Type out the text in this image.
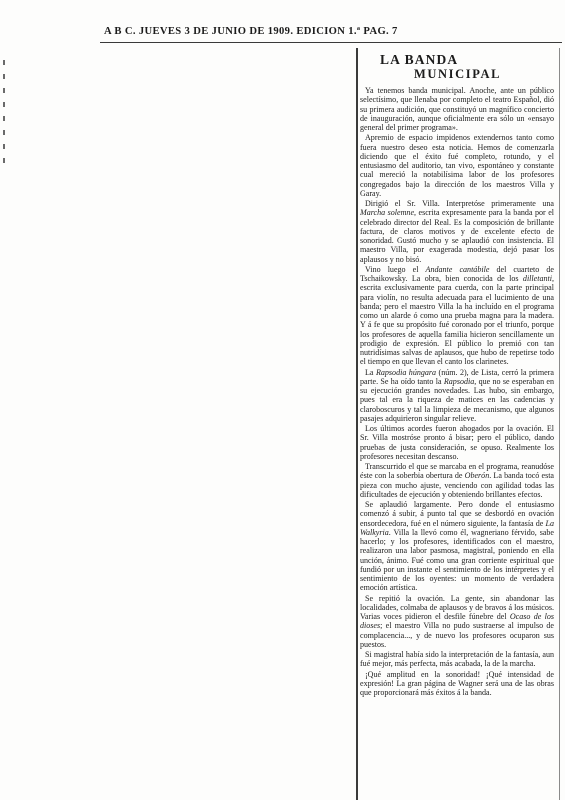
A B C. JUEVES 3 DE JUNIO DE 1909. EDICION 1.ª PAG. 7
LA BANDA
MUNICIPAL

Ya tenemos banda municipal. Anoche, ante un público selectísimo, que llenaba por completo el teatro Español, dió su primera audición, que constituyó un magnífico concierto de inauguración, aunque oficialmente era sólo un «ensayo general del primer programa».

Apremio de espacio impidenos extendernos tanto como fuera nuestro deseo esta noticia. Hemos de comenzarla diciendo que el éxito fué completo, rotundo, y el entusiasmo del auditorio, tan vivo, espontáneo y constante cual mereció la notabilísima labor de los profesores congregados bajo la dirección de los maestros Villa y Garay.

Dirigió el Sr. Villa. Interpretóse primeramente una Marcha solemne, escrita expresamente para la banda por el celebrado director del Real. Es la composición de brillante factura, de claros motivos y de excelente efecto de sonoridad. Gustó mucho y se aplaudió con insistencia. El maestro Villa, por exagerada modestia, dejó pasar los aplausos y no bisó.

Vino luego el Andante cantábile del cuarteto de Tschaikowsky. La obra, bien conocida de los dilletanti, escrita exclusivamente para cuerda, con la parte principal para violín, no resulta adecuada para el lucimiento de una banda; pero el maestro Villa la ha incluído en el programa como un alarde ó como una prueba magna para la madera. Y á fe que su propósito fué coronado por el triunfo, porque los profesores de aquella familia hicieron sencillamente un prodigio de expresión. El público lo premió con tan nutridísimas salvas de aplausos, que hubo de repetirse todo el tiempo en que llevan el canto los clarinetes.

La Rapsodia húngara (núm. 2), de Lista, cerró la primera parte. Se ha oído tanto la Rapsodia, que no se esperaban en su ejecución grandes novedades. Las hubo, sin embargo, pues tal era la riqueza de matices en las cadencias y claroboscuros y tal la limpieza de mecanismo, que algunos pasajes adquirieron singular relieve.

Los últimos acordes fueron ahogados por la ovación. El Sr. Villa mostróse pronto á bisar; pero el público, dando pruebas de justa consideración, se opuso. Realmente los profesores necesitan descanso.

Transcurrido el que se marcaba en el programa, reanudóse éste con la soberbia obertura de Oberón. La banda tocó esta pieza con mucho ajuste, venciendo con agilidad todas las dificultades de ejecución y obteniendo brillantes efectos.

Se aplaudió largamente. Pero donde el entusiasmo comenzó á subir, á punto tal que se desbordó en ovación ensordecedora, fué en el número siguiente, la fantasía de La Walkyria. Villa la llevó como él, wagneriano férvido, sabe hacerlo; y los profesores, identificados con el maestro, realizaron una labor pasmosa, magistral, poniendo en ella unción, ánimo. Fué como una gran corriente espiritual que fundió por un instante el sentimiento de los intérpretes y el sentimiento de los oyentes: un momento de verdadera emoción artística.

Se repitió la ovación. La gente, sin abandonar las localidades, colmaba de aplausos y de bravos á los músicos. Varias voces pidieron el desfile fúnebre del Ocaso de los dioses; el maestro Villa no pudo sustraerse al impulso de complacencia..., y de nuevo los profesores ocuparon sus puestos.

Si magistral había sido la interpretación de la fantasía, aun fué mejor, más perfecta, más acabada, la de la marcha.

¡Qué amplitud en la sonoridad! ¡Qué intensidad de expresión! La gran página de Wagner será una de las obras que proporcionará más éxitos á la banda.
